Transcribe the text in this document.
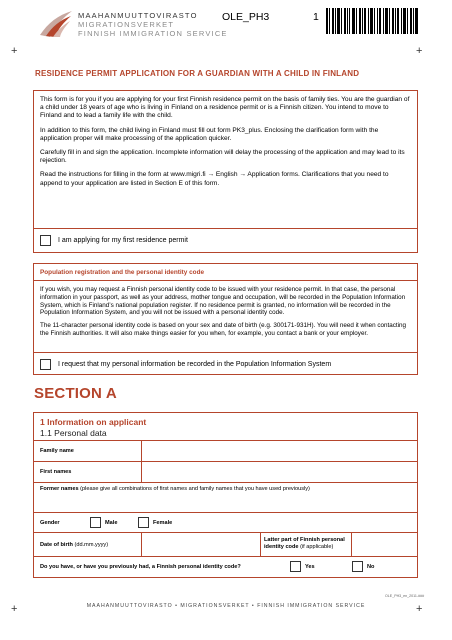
MAAHANMUUTTOVIRASTO
MIGRATIONSVERKET
FINNISH IMMIGRATION SERVICE
OLE_PH3	1
+	+
RESIDENCE PERMIT APPLICATION FOR A GUARDIAN WITH A CHILD IN FINLAND

This form is for you if you are applying for your first Finnish residence permit on the basis of family ties. You are the guardian of a child under 18 years of age who is living in Finland on a residence permit or is a Finnish citizen. You intend to move to Finland and to lead a family life with the child.

In addition to this form, the child living in Finland must fill out form PK3_plus. Enclosing the clarification form with the application proper will make processing of the application quicker.

Carefully fill in and sign the application. Incomplete information will delay the processing of the application and may lead to its rejection.

Read the instructions for filling in the form at www.migri.fi → English → Application forms. Clarifications that you need to append to your application are listed in Section E of this form.

I am applying for my first residence permit
Population registration and the personal identity code

If you wish, you may request a Finnish personal identity code to be issued with your residence permit. In that case, the personal information in your passport, as well as your address, mother tongue and occupation, will be recorded in the Population Information System, which is Finland’s national population register. If no residence permit is granted, no information will be recorded in the Population Information System, and you will not be issued with a personal identity code.

The 11-character personal identity code is based on your sex and date of birth (e.g. 300171-931H). You will need it when contacting the Finnish authorities. It will also make things easier for you when, for example, you contact a bank or your employer.

I request that my personal information be recorded in the Population Information System
SECTION A
1 Information on applicant
1.1 Personal data
Family name
First names
Former names (please give all combinations of first names and family names that you have used previously)
Gender	Male	Female
Date of birth (dd.mm.yyyy)
Latter part of Finnish personal identity code (if applicable)
Do you have, or have you previously had, a Finnish personal identity code?	Yes	No
OLE_PH3_en_2011-###
+	+
MAAHANMUUTTOVIRASTO • MIGRATIONSVERKET • FINNISH IMMIGRATION SERVICE
